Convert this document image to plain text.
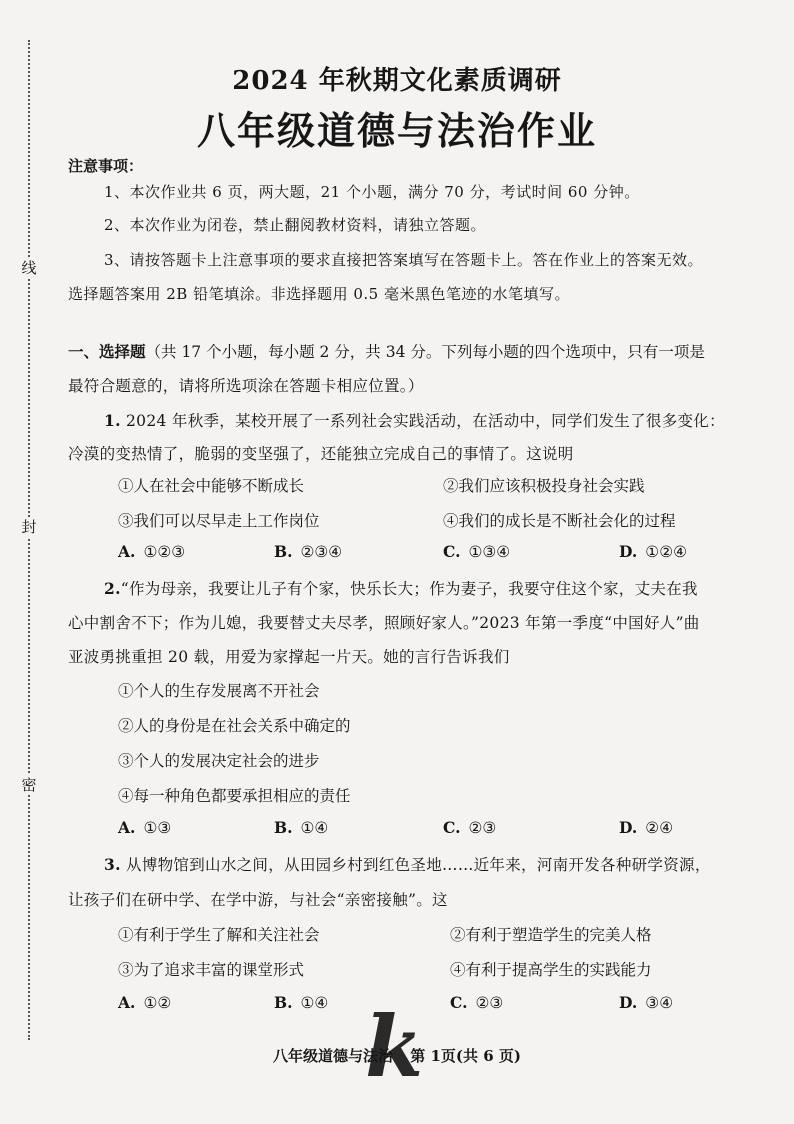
线
封
密
2024 年秋期文化素质调研
八年级道德与法治作业
注意事项：
1、本次作业共 6 页，两大题，21 个小题，满分 70 分，考试时间 60 分钟。
2、本次作业为闭卷，禁止翻阅教材资料，请独立答题。
3、请按答题卡上注意事项的要求直接把答案填写在答题卡上。答在作业上的答案无效。
选择题答案用 2B 铅笔填涂。非选择题用 0.5 毫米黑色笔迹的水笔填写。
一、选择题（共 17 个小题，每小题 2 分，共 34 分。下列每小题的四个选项中，只有一项是
最符合题意的，请将所选项涂在答题卡相应位置。）
1. 2024 年秋季，某校开展了一系列社会实践活动，在活动中，同学们发生了很多变化：
冷漠的变热情了，脆弱的变坚强了，还能独立完成自己的事情了。这说明
①人在社会中能够不断成长	②我们应该积极投身社会实践
③我们可以尽早走上工作岗位	④我们的成长是不断社会化的过程
A. ①②③	B. ②③④	C. ①③④	D. ①②④
2.“作为母亲，我要让儿子有个家，快乐长大；作为妻子，我要守住这个家，丈夫在我
心中割舍不下；作为儿媳，我要替丈夫尽孝，照顾好家人。”2023 年第一季度“中国好人”曲
亚波勇挑重担 20 载，用爱为家撑起一片天。她的言行告诉我们
①个人的生存发展离不开社会
②人的身份是在社会关系中确定的
③个人的发展决定社会的进步
④每一种角色都要承担相应的责任
A. ①③	B. ①④	C. ②③	D. ②④
3. 从博物馆到山水之间，从田园乡村到红色圣地……近年来，河南开发各种研学资源，
让孩子们在研中学、在学中游，与社会“亲密接触”。这
①有利于学生了解和关注社会	②有利于塑造学生的完美人格
③为了追求丰富的课堂形式	④有利于提高学生的实践能力
A. ①②	B. ①④	C. ②③	D. ③④
k
八年级道德与法治 第 1页(共 6 页)
